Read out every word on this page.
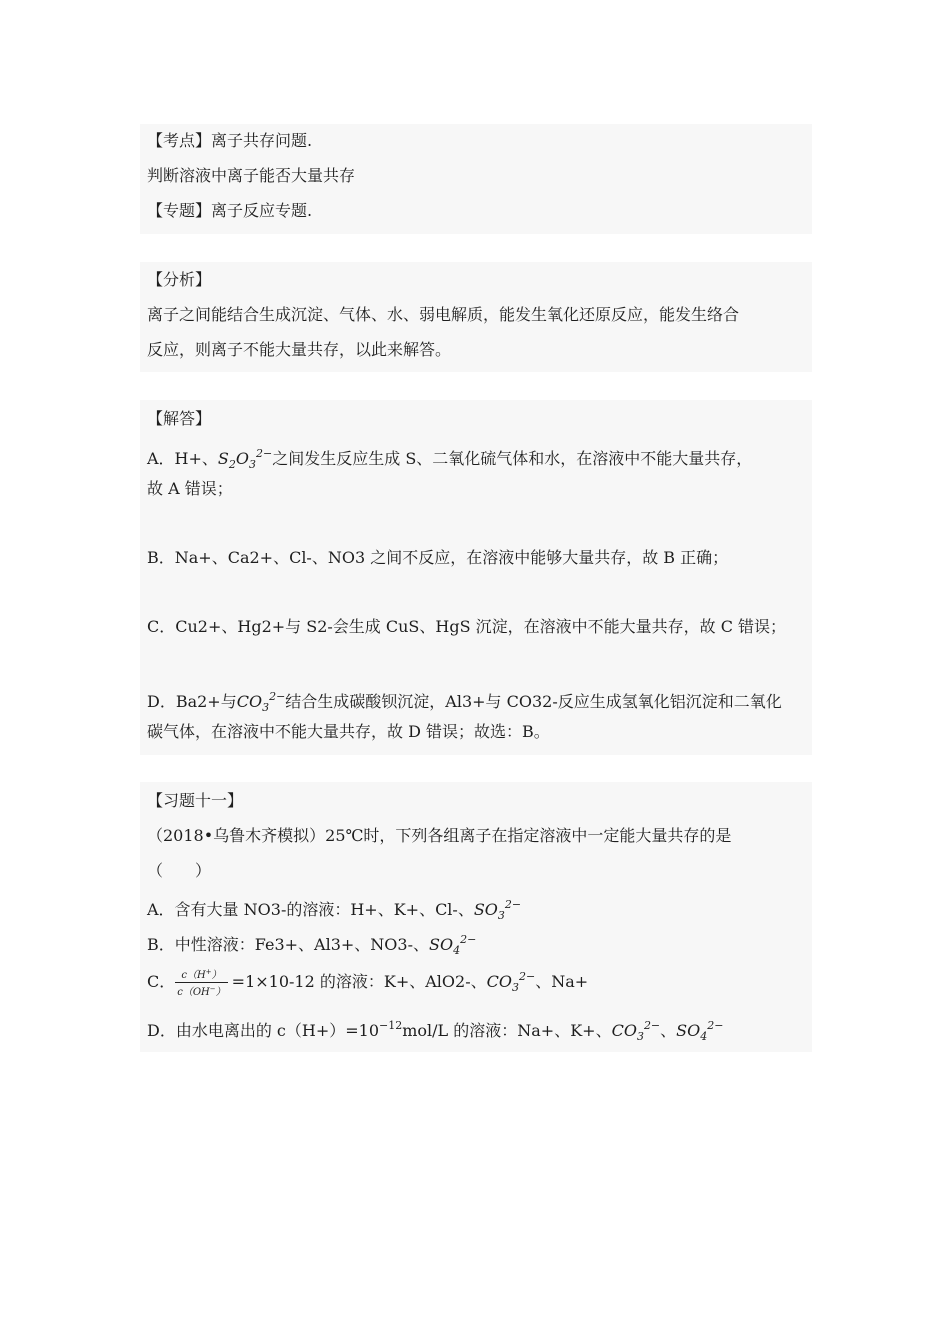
【考点】离子共存问题.
判断溶液中离子能否大量共存
【专题】离子反应专题.
【分析】
离子之间能结合生成沉淀、气体、水、弱电解质，能发生氧化还原反应，能发生络合
反应，则离子不能大量共存，以此来解答。
【解答】
A．H+、$S_2O_3^{2-}$之间发生反应生成 S、二氧化硫气体和水，在溶液中不能大量共存，
故 A 错误；
B．Na+、Ca2+、Cl-、NO3 之间不反应，在溶液中能够大量共存，故 B 正确；
C．Cu2+、Hg2+与 S2-会生成 CuS、HgS 沉淀，在溶液中不能大量共存，故 C 错误；
D．Ba2+与$CO_3^{2-}$结合生成碳酸钡沉淀，Al3+与 CO32-反应生成氢氧化铝沉淀和二氧化
碳气体，在溶液中不能大量共存，故 D 错误；故选：B。
【习题十一】
（2018•乌鲁木齐模拟）25℃时，下列各组离子在指定溶液中一定能大量共存的是
（　　）
A．含有大量 NO3-的溶液：H+、K+、Cl-、$SO_3^{2-}$
B．中性溶液：Fe3+、Al3+、NO3-、$SO_4^{2-}$
C． $\frac{c(H^+)}{c(OH^-)} =1\times 10-12$ 的溶液：K+、AlO2-、$CO_3^{2-}$、Na+
D．由水电离出的 $c(H+)=10^{-12}mol/L$ 的溶液：Na+、K+、$CO_3^{2-}$、$SO_4^{2-}$
